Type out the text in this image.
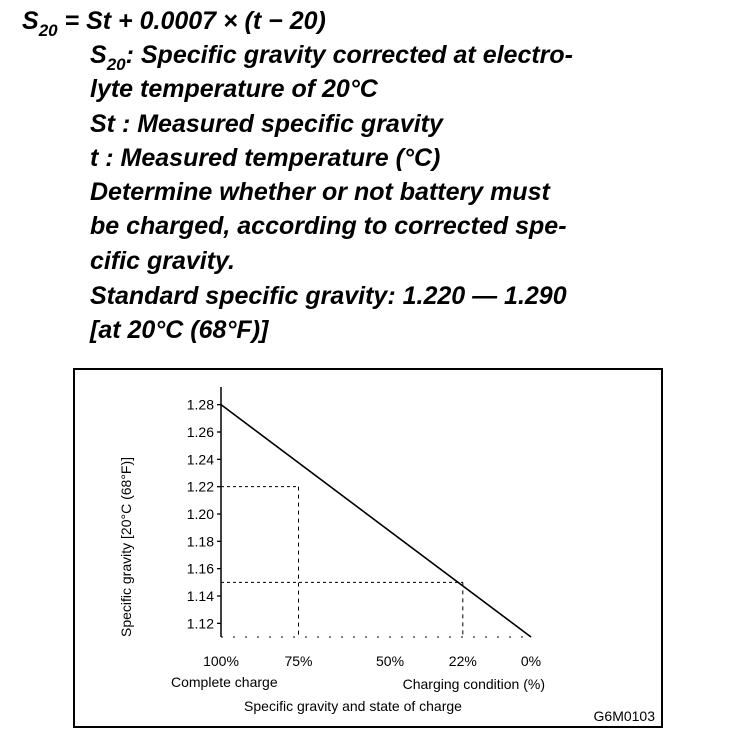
$S_{20} = St + 0.0007 \times (t - 20)$
$S_{20}$: Specific gravity corrected at electro-
lyte temperature of 20°C
St : Measured specific gravity
t : Measured temperature (°C)
Determine whether or not battery must
be charged, according to corrected spe-
cific gravity.
Standard specific gravity: 1.220 — 1.290
[at 20°C (68°F)]
1.28
1.26
1.24
1.22
1.20
1.18
1.16
1.14
1.12
100%	75%	50%	22%	0%
Specific gravity [20°C (68°F)]
Complete charge	Charging condition (%)
Specific gravity and state of charge
G6M0103
